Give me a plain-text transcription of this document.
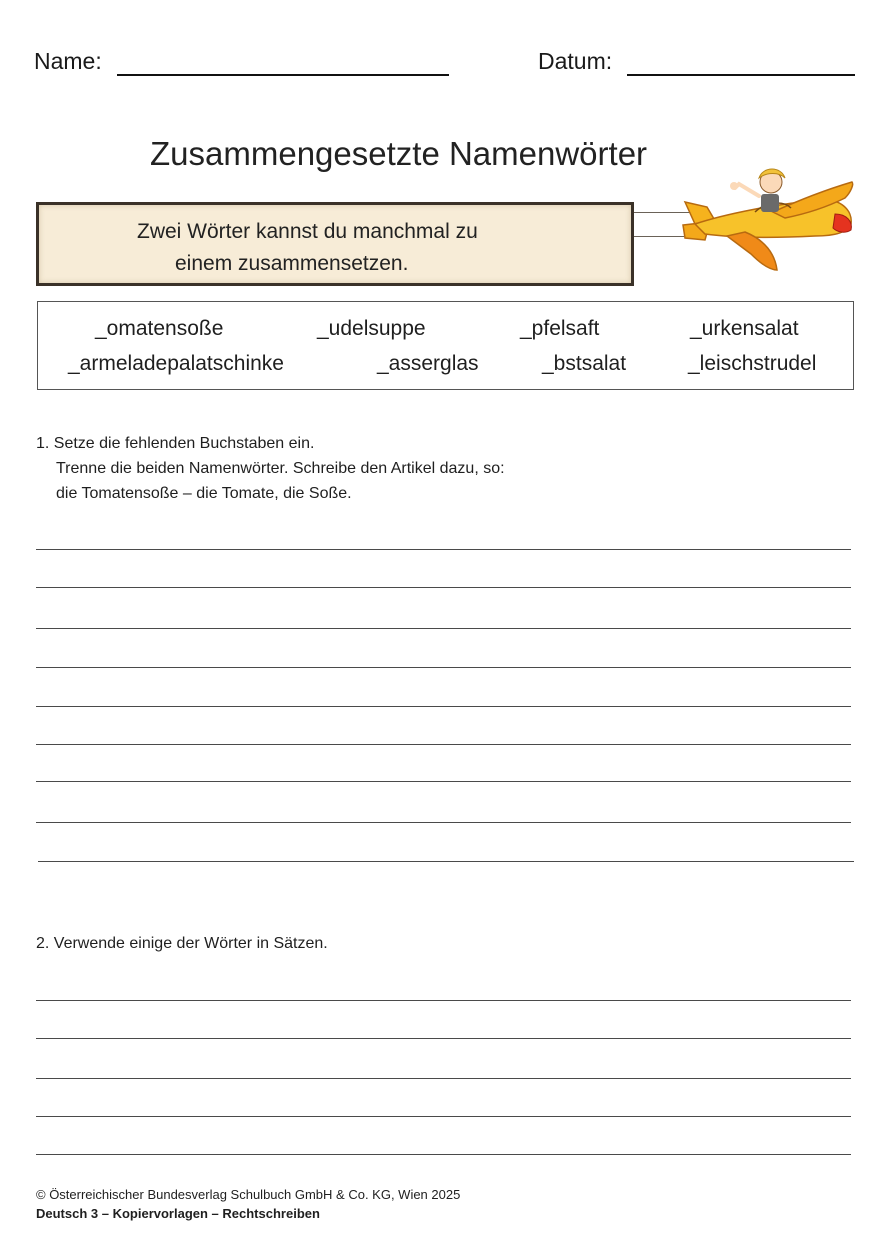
Name:	Datum:
Zusammengesetzte Namenwörter
Zwei Wörter kannst du manchmal zu
einem zusammensetzen.
_omatensoße	_udelsuppe	_pfelsaft	_urkensalat
_armeladepalatschinke	_asserglas	_bstsalat	_leischstrudel
1. Setze die fehlenden Buchstaben ein.
Trenne die beiden Namenwörter. Schreibe den Artikel dazu, so:
die Tomatensoße – die Tomate, die Soße.
2. Verwende einige der Wörter in Sätzen.
© Österreichischer Bundesverlag Schulbuch GmbH & Co. KG, Wien 2025
Deutsch 3 – Kopiervorlagen – Rechtschreiben
